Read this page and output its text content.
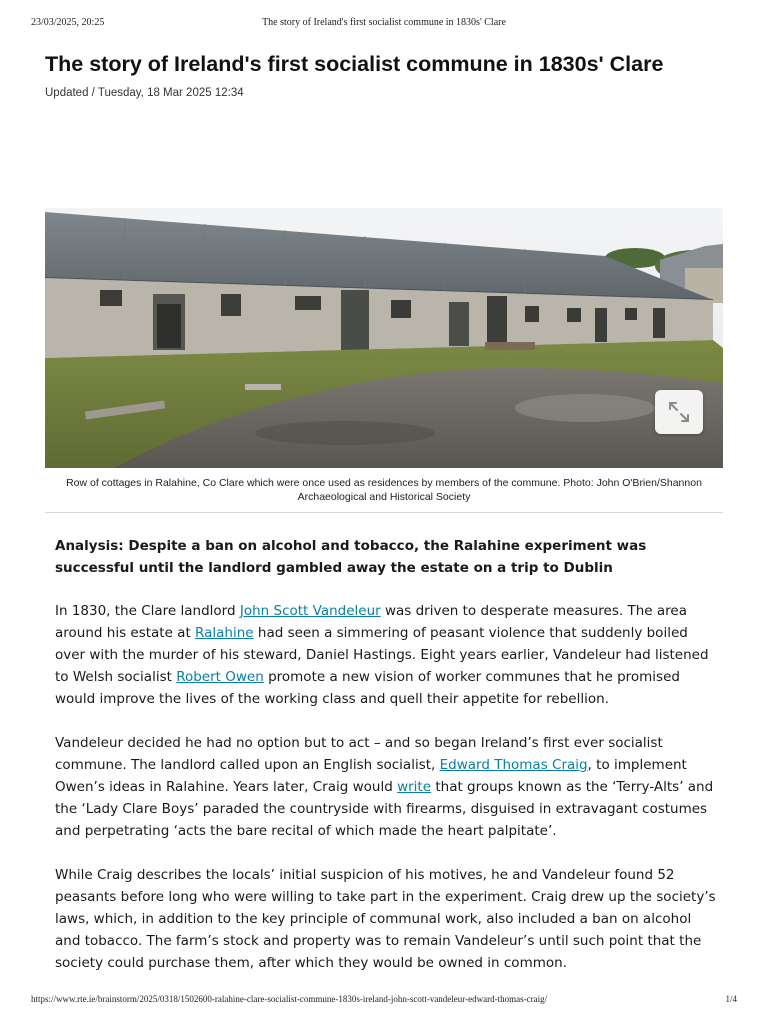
23/03/2025, 20:25	The story of Ireland's first socialist commune in 1830s' Clare
The story of Ireland's first socialist commune in 1830s' Clare
Updated / Tuesday, 18 Mar 2025 12:34
Row of cottages in Ralahine, Co Clare which were once used as residences by members of the commune. Photo: John O'Brien/Shannon Archaeological and Historical Society

Analysis: Despite a ban on alcohol and tobacco, the Ralahine experiment was successful until the landlord gambled away the estate on a trip to Dublin

In 1830, the Clare landlord John Scott Vandeleur was driven to desperate measures. The area around his estate at Ralahine had seen a simmering of peasant violence that suddenly boiled over with the murder of his steward, Daniel Hastings. Eight years earlier, Vandeleur had listened to Welsh socialist Robert Owen promote a new vision of worker communes that he promised would improve the lives of the working class and quell their appetite for rebellion.

Vandeleur decided he had no option but to act – and so began Ireland’s first ever socialist commune. The landlord called upon an English socialist, Edward Thomas Craig, to implement Owen’s ideas in Ralahine. Years later, Craig would write that groups known as the ‘Terry-Alts’ and the ‘Lady Clare Boys’ paraded the countryside with firearms, disguised in extravagant costumes and perpetrating ‘acts the bare recital of which made the heart palpitate’.

While Craig describes the locals’ initial suspicion of his motives, he and Vandeleur found 52 peasants before long who were willing to take part in the experiment. Craig drew up the society’s laws, which, in addition to the key principle of communal work, also included a ban on alcohol and tobacco. The farm’s stock and property was to remain Vandeleur’s until such point that the society could purchase them, after which they would be owned in common.

https://www.rte.ie/brainstorm/2025/0318/1502600-ralahine-clare-socialist-commune-1830s-ireland-john-scott-vandeleur-edward-thomas-craig/	1/4
